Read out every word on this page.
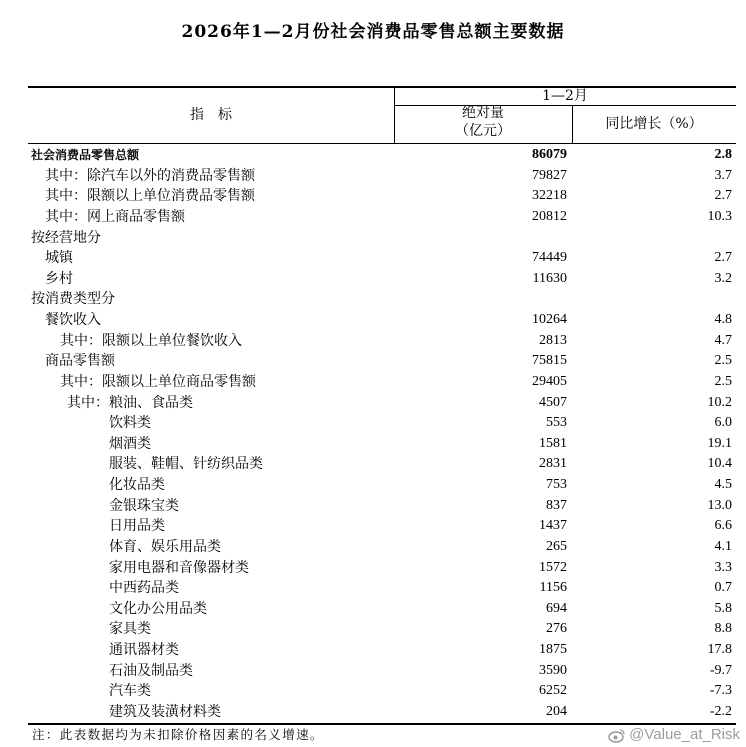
2026年1—2月份社会消费品零售总额主要数据
指　标
1—2月
绝对量
（亿元）	同比增长（%）
社会消费品零售总额	86079	2.8
其中：除汽车以外的消费品零售额	79827	3.7
其中：限额以上单位消费品零售额	32218	2.7
其中：网上商品零售额	20812	10.3
按经营地分
城镇	74449	2.7
乡村	11630	3.2
按消费类型分
餐饮收入	10264	4.8
其中：限额以上单位餐饮收入	2813	4.7
商品零售额	75815	2.5
其中：限额以上单位商品零售额	29405	2.5
其中：粮油、食品类	4507	10.2
饮料类	553	6.0
烟酒类	1581	19.1
服装、鞋帽、针纺织品类	2831	10.4
化妆品类	753	4.5
金银珠宝类	837	13.0
日用品类	1437	6.6
体育、娱乐用品类	265	4.1
家用电器和音像器材类	1572	3.3
中西药品类	1156	0.7
文化办公用品类	694	5.8
家具类	276	8.8
通讯器材类	1875	17.8
石油及制品类	3590	-9.7
汽车类	6252	-7.3
建筑及装潢材料类	204	-2.2
注：此表数据均为未扣除价格因素的名义增速。	@Value_at_Risk
